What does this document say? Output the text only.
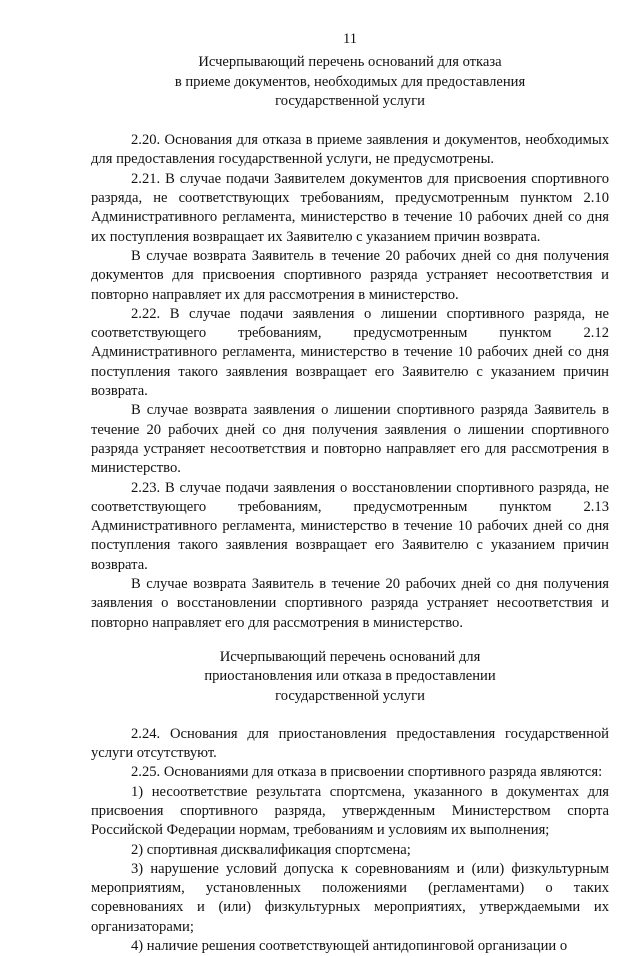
11
Исчерпывающий перечень оснований для отказа
в приеме документов, необходимых для предоставления
государственной услуги

2.20. Основания для отказа в приеме заявления и документов, необходимых для предоставления государственной услуги, не предусмотрены.

2.21. В случае подачи Заявителем документов для присвоения спортивного разряда, не соответствующих требованиям, предусмотренным пунктом 2.10 Административного регламента, министерство в течение 10 рабочих дней со дня их поступления возвращает их Заявителю с указанием причин возврата.

В случае возврата Заявитель в течение 20 рабочих дней со дня получения документов для присвоения спортивного разряда устраняет несоответствия и повторно направляет их для рассмотрения в министерство.

2.22. В случае подачи заявления о лишении спортивного разряда, не соответствующего требованиям, предусмотренным пунктом 2.12 Административного регламента, министерство в течение 10 рабочих дней со дня поступления такого заявления возвращает его Заявителю с указанием причин возврата.

В случае возврата заявления о лишении спортивного разряда Заявитель в течение 20 рабочих дней со дня получения заявления о лишении спортивного разряда устраняет несоответствия и повторно направляет его для рассмотрения в министерство.

2.23. В случае подачи заявления о восстановлении спортивного разряда, не соответствующего требованиям, предусмотренным пунктом 2.13 Административного регламента, министерство в течение 10 рабочих дней со дня поступления такого заявления возвращает его Заявителю с указанием причин возврата.

В случае возврата Заявитель в течение 20 рабочих дней со дня получения заявления о восстановлении спортивного разряда устраняет несоответствия и повторно направляет его для рассмотрения в министерство.

Исчерпывающий перечень оснований для
приостановления или отказа в предоставлении
государственной услуги

2.24. Основания для приостановления предоставления государственной услуги отсутствуют.

2.25. Основаниями для отказа в присвоении спортивного разряда являются:

1) несоответствие результата спортсмена, указанного в документах для присвоения спортивного разряда, утвержденным Министерством спорта Российской Федерации нормам, требованиям и условиям их выполнения;

2) спортивная дисквалификация спортсмена;

3) нарушение условий допуска к соревнованиям и (или) физкультурным мероприятиям, установленных положениями (регламентами) о таких соревнованиях и (или) физкультурных мероприятиях, утверждаемыми их организаторами;

4) наличие решения соответствующей антидопинговой организации о
